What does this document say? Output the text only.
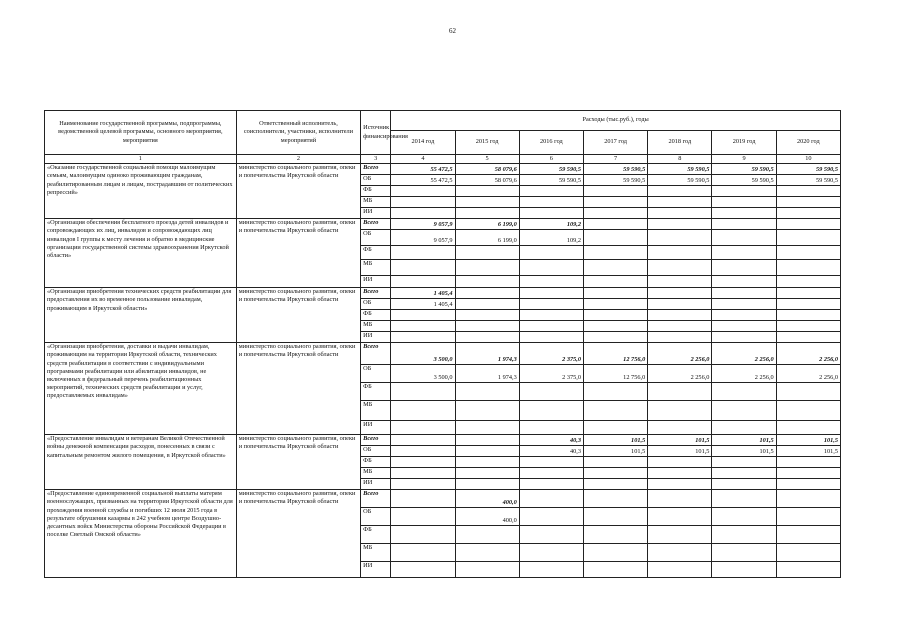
62
Наименование государственной программы, подпрограммы, ведомственной целевой программы, основного мероприятия, мероприятия	Ответственный исполнитель, соисполнители, участники, исполнители мероприятий	Источник финансирования	Расходы (тыс.руб.), годы						
			2014 год	2015 год	2016 год	2017 год	2018 год	2019 год	2020 год
1	2	3	4	5	6	7	8	9	10
«Оказание государственной социальной помощи малоимущим семьям, малоимущим одиноко проживающим гражданам, реабилитированным лицам и лицам, пострадавшим от политических репрессий»	министерство социального развития, опеки и попечительства Иркутской области	Всего	55 472,5	58 079,6	59 590,5	59 590,5	59 590,5	59 590,5	59 590,5
		ОБ	55 472,5	58 079,6	59 590,5	59 590,5	59 590,5	59 590,5	59 590,5
		ФБ							
		МБ							
		ИИ							
«Организация обеспечения бесплатного проезда детей инвалидов и сопровождающих их лиц, инвалидов и сопровождающих лиц инвалидов I группы к месту лечения и обратно в медицинские организации государственной системы здравоохранения Иркутской области»	министерство социального развития, опеки и попечительства Иркутской области	Всего	9 057,9	6 199,0	109,2				
		ОБ	9 057,9	6 199,0	109,2				
		ФБ							
		МБ							
		ИИ							
«Организация приобретения технических средств реабилитации для предоставления их во временное пользование инвалидам, проживающим в Иркутской области»	министерство социального развития, опеки и попечительства Иркутской области	Всего	1 405,4						
		ОБ	1 405,4						
		ФБ							
		МБ							
		ИИ							
«Организация приобретения, доставки и выдачи инвалидам, проживающим на территории Иркутской области, технических средств реабилитации в соответствии с индивидуальными программами реабилитации или абилитации инвалидов, не включенных в федеральный перечень реабилитационных мероприятий, технических средств реабилитации и услуг, предоставляемых инвалидам»	министерство социального развития, опеки и попечительства Иркутской области	Всего	3 500,0	1 974,3	2 375,0	12 756,0	2 256,0	2 256,0	2 256,0
		ОБ	3 500,0	1 974,3	2 375,0	12 756,0	2 256,0	2 256,0	2 256,0
		ФБ							
		МБ							
		ИИ							
«Предоставление инвалидам и ветеранам Великой Отечественной войны денежной компенсации расходов, понесенных в связи с капитальным ремонтом жилого помещения, в Иркутской области»	министерство социального развития, опеки и попечительства Иркутской области	Всего			40,3	101,5	101,5	101,5	101,5
		ОБ			40,3	101,5	101,5	101,5	101,5
		ФБ							
		МБ							
		ИИ							
«Предоставление единовременной социальной выплаты матерям военнослужащих, призванных на территории Иркутской области для прохождения военной службы и погибших 12 июля 2015 года в результате обрушения казармы в 242 учебном центре Воздушно-десантных войск Министерства обороны Российской Федерации в поселке Светлый Омской области»	министерство социального развития, опеки и попечительства Иркутской области	Всего		400,0					
		ОБ		400,0					
		ФБ							
		МБ							
		ИИ							
